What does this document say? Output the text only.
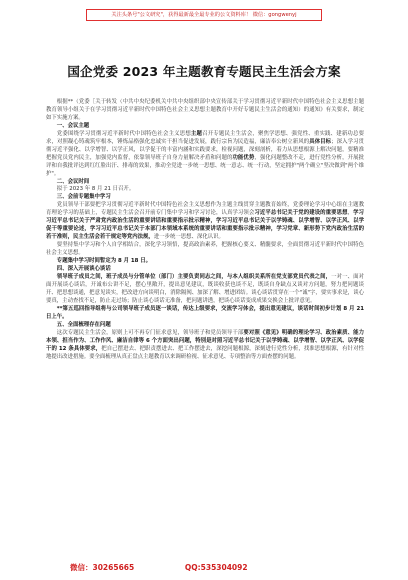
关注头条号"公文研究"，获得最新最全最专业的公文资料库！ 微信：gongwenyj
国企党委 2023 年主题教育专题民主生活会方案

根据**（党委［关于转发（中共中央纪委机关中共中央组织部中央宣传部关于学习贯彻习近平新时代中国特色社会主义思想主题教育领导小组关于在学习贯彻习近平新时代中国特色社会主义思想主题教育中开好专题民主生活会的通知）的通知》有关要求，制定如下实施方案。

一、会议主题

党委围绕学习贯彻习近平新时代中国特色社会主义思想主题召开专题民主生活会，聚焦学思想、强党性、重实践、建新功总要求，对照凝心铸魂筑牢根本，锤炼品格强化忠诚实干担当促进发展，践行宗旨为民造福，廉洁奉公树立新风的具体目标；深入学习贯彻习近平强化、以学增智、以学正风，以学促干的丰富内涵和实践要求，检视问题，深刻剖析，着力从思想根源上解决问题，要精准把握党员党内民主，加强党内监督，依靠领导班子自身力量解决矛盾和问题的功能优势，强化问题整改不走，进行党性分析，开展批评和自我批评达到红红脸出汗、排毒的效果，推动全党进一步统一思想、统一意志、统一行动，坚定拥护"两个确立"坚决做到"两个维护"。

二、会议时间

拟于 2023 年 8 月 21 日召开。

三、会前专题集中学习

党员领导干部要把学习贯彻习近平新时代中国特色社会主义思想作为主题主线贯穿主题教育始终，党委理论学习中心组在主题教育理论学习的基础上，专题民主生活会召开前专门集中学习和学习讨论，认真学习领会习近平总书记关于党的建设的重要思想，学习习近平总书记关于严肃党内政治生活的重要讲话和重要指示批示精神，学习习近平总书记关于以学铸魂、以学增智、以学正风、以学促干等重要论述，学习习近平总书记关于本部门本领域本系统的重要讲话和重要指示批示精神，学习党章、新形势下党内政治生活的若干准则，民主生活会若干规定等党内法规，进一步统一思想、深化认识。

要坚持集中学习和个人自学相结合，深化学习领悟，提高政治素养，把握核心要义、精髓要求，全面贯彻习近平新时代中国特色社会主义思想。

专题集中学习时间暂定为 8 月 18 日。

四、深入开展谈心谈话

领导班子成员之间，班子成员与分管单位（部门）主要负责同志之间，与本人组织关系所在党支部党员代表之间，一对一、面对面开展谈心谈话，开诚布公讲不足，摆心里敞开，提出意见建议，既谈收获也谈不足，既谈自身缺点又谈对方问题，努力把问题谈开、把思想谈通，把意见谈实，把改进方向谈明白，消除隔阂、加深了解、增进团结。谈心谈话贯穿在一个"诚"字，要实事求是，谈心要真，主动查找不足，防止走过场；防止谈心谈话无准备，把问题讲透，把谈心谈话变成成果交换会上批评意见。

**第五巡回指导组将与公司领导班子成员逐一谈话，传达上级要求，交流学习体会，提出意见建议，谈话时间初步计划 8 月 21 日上午。

五、全面梳理存在问题

这次专题民主生活会，原则上可不再专门征求意见，领导班子和党员领导干部要对照《意见》明确的理论学习、政治素质、能力本领、担当作为、工作作风、廉洁自律等 6 个方面突出问题，特别是对照习近平总书记关于以学铸魂、以学增智、以学正风、以学促干的 12 条具体要求，把自己摆进去、把职责摆进去、把工作摆进去，深挖问题根源，深刻进行党性分析，找准思想根源，有针对性地提出改进措施。要全面梳理从真正盘点主题教育以来调研检视、征求意见、专项整治等方面查摆的问题。

微信：30265665	QQ:535304092
